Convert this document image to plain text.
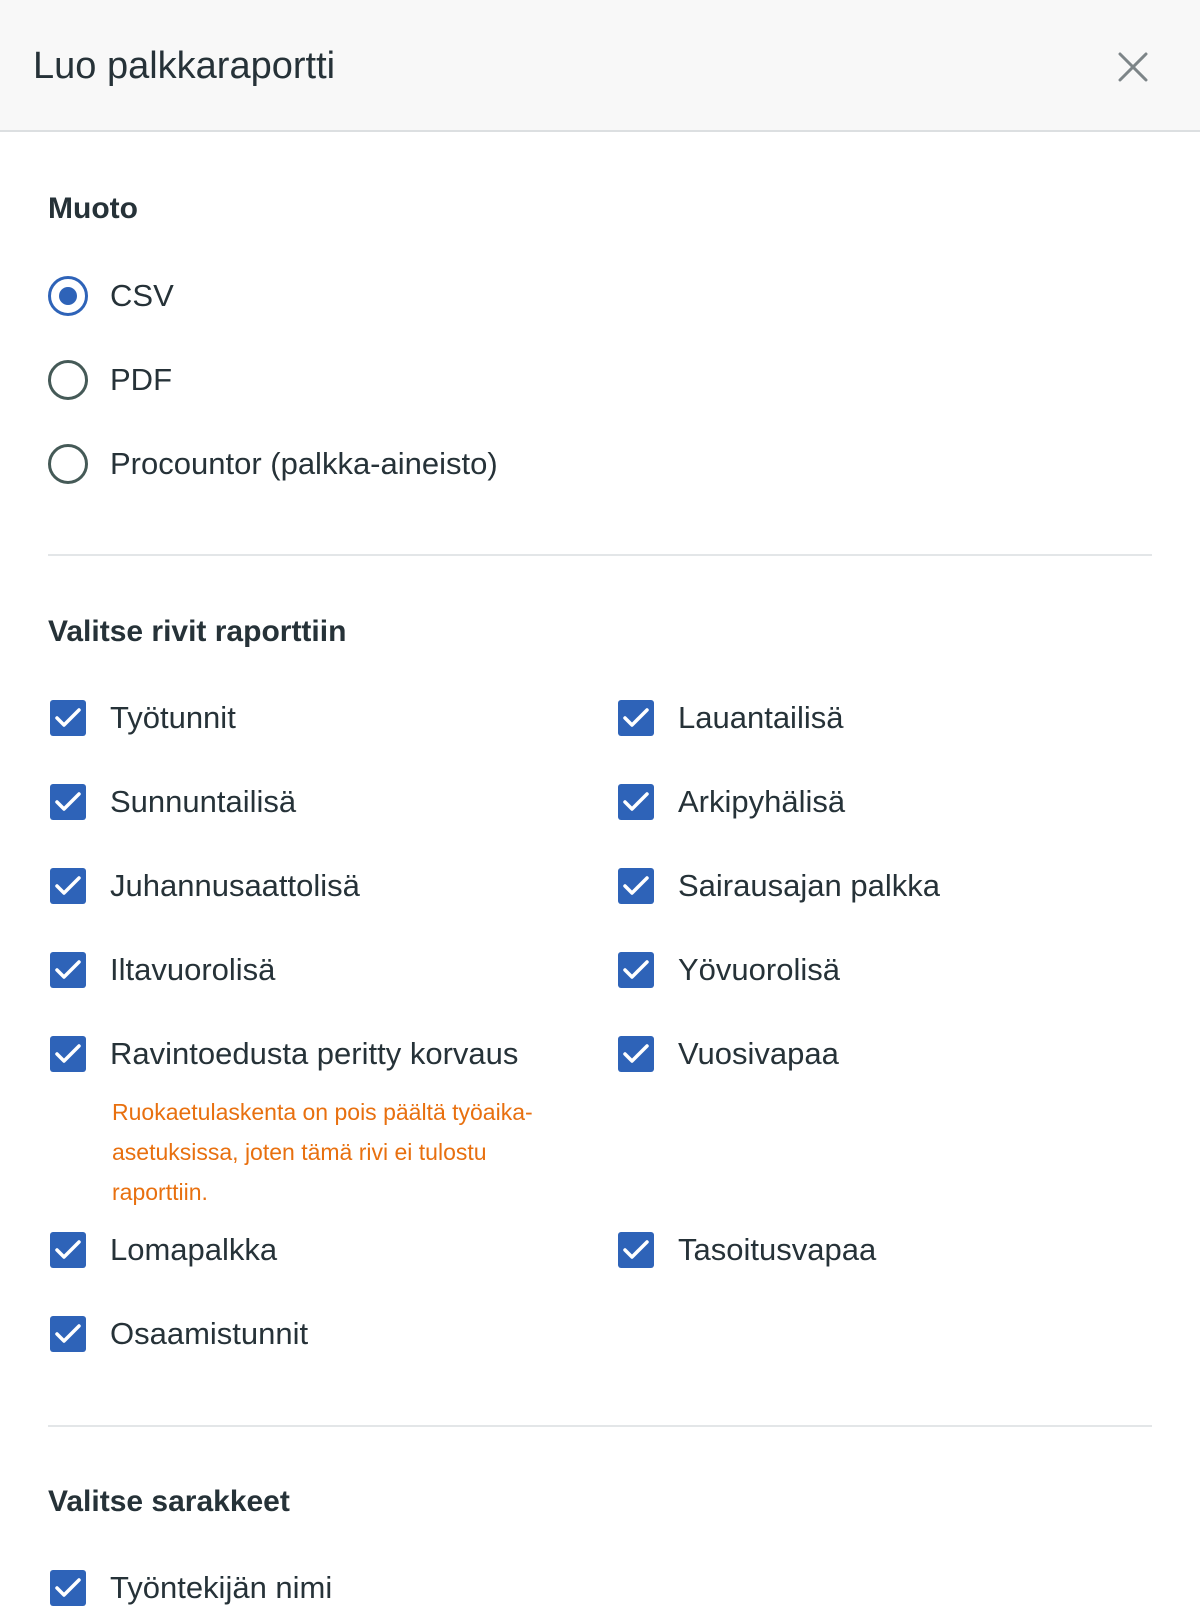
Luo palkkaraportti
Muoto
CSV
PDF
Procountor (palkka-aineisto)
Valitse rivit raporttiin
Työtunnit
Sunnuntailisä
Juhannusaattolisä
Iltavuorolisä
Ravintoedusta peritty korvaus
Ruokaetulaskenta on pois päältä työaika-
asetuksissa, joten tämä rivi ei tulostu
raporttiin.
Lomapalkka
Osaamistunnit
Lauantailisä
Arkipyhälisä
Sairausajan palkka
Yövuorolisä
Vuosivapaa
Tasoitusvapaa
Valitse sarakkeet
Työntekijän nimi
